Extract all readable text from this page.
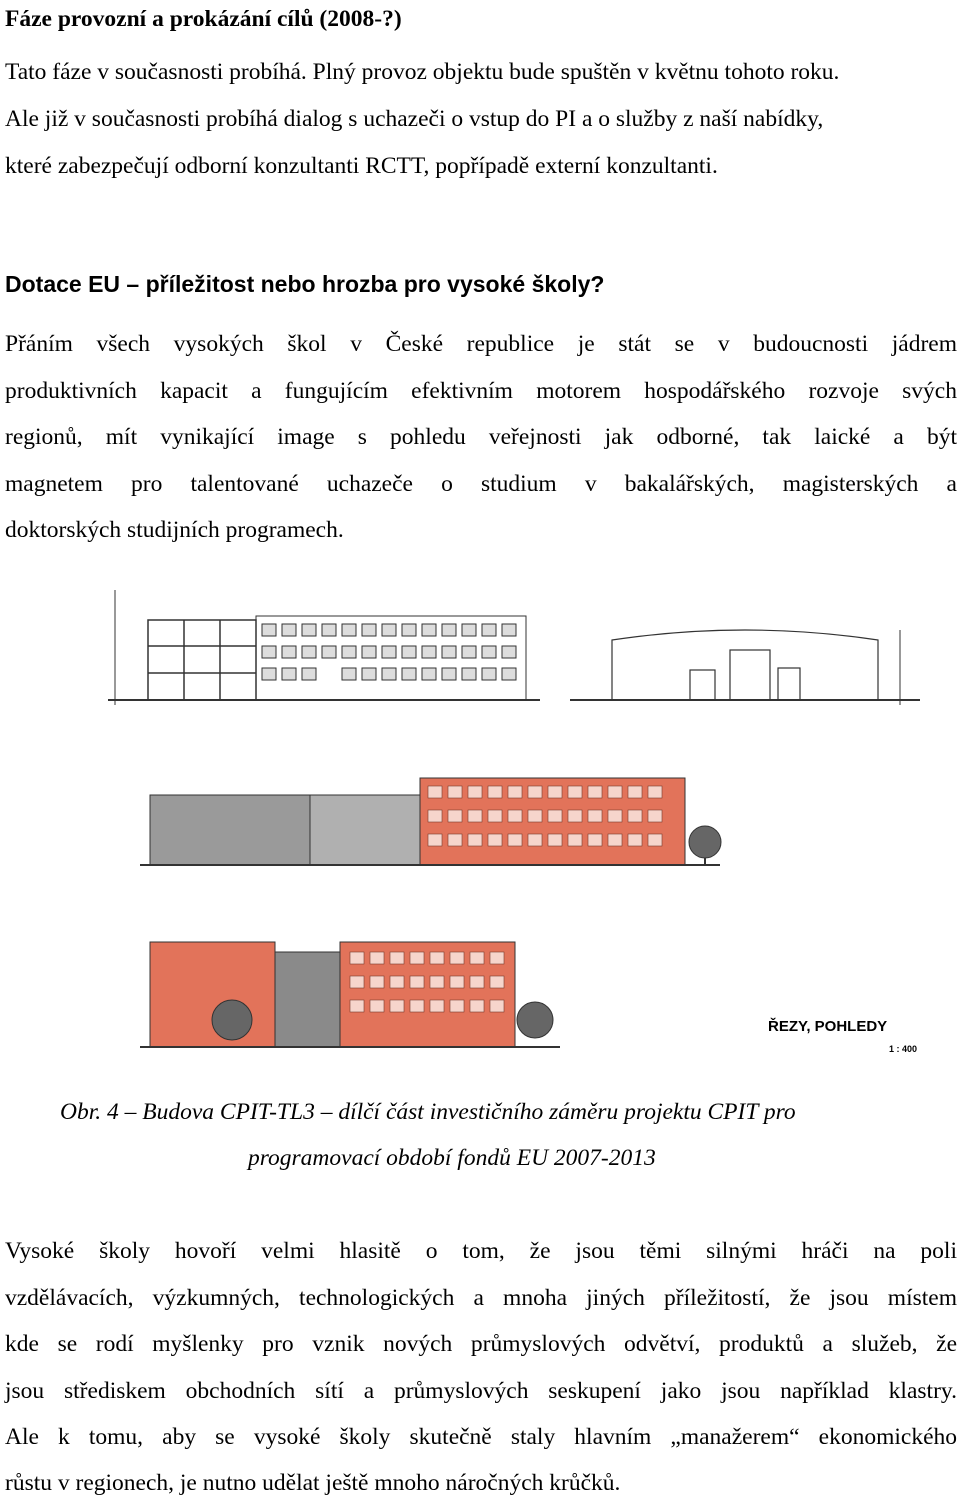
Fáze provozní a prokázání cílů (2008-?)
Tato fáze v současnosti probíhá. Plný provoz objektu bude spuštěn v květnu tohoto roku.
Ale již v současnosti probíhá dialog s uchazeči o vstup do PI a o služby z naší nabídky,
které zabezpečují odborní konzultanti RCTT, popřípadě externí konzultanti.
Dotace EU – příležitost nebo hrozba pro vysoké školy?
Přáním všech vysokých škol v České republice je stát se v budoucnosti jádrem
produktivních kapacit a fungujícím efektivním motorem hospodářského rozvoje svých
regionů, mít vynikající image s pohledu veřejnosti jak odborné, tak laické a být
magnetem pro talentované uchazeče o studium v bakalářských, magisterských a
doktorských studijních programech.
ŘEZY, POHLEDY
1 : 400
Obr. 4 – Budova CPIT-TL3 – dílčí část investičního záměru projektu CPIT pro
programovací období fondů EU 2007-2013
Vysoké školy hovoří velmi hlasitě o tom, že jsou těmi silnými hráči na poli
vzdělávacích, výzkumných, technologických a mnoha jiných příležitostí, že jsou místem
kde se rodí myšlenky pro vznik nových průmyslových odvětví, produktů a služeb, že
jsou střediskem obchodních sítí a průmyslových seskupení jako jsou například klastry.
Ale k tomu, aby se vysoké školy skutečně staly hlavním „manažerem“ ekonomického
růstu v regionech, je nutno udělat ještě mnoho náročných krůčků.
